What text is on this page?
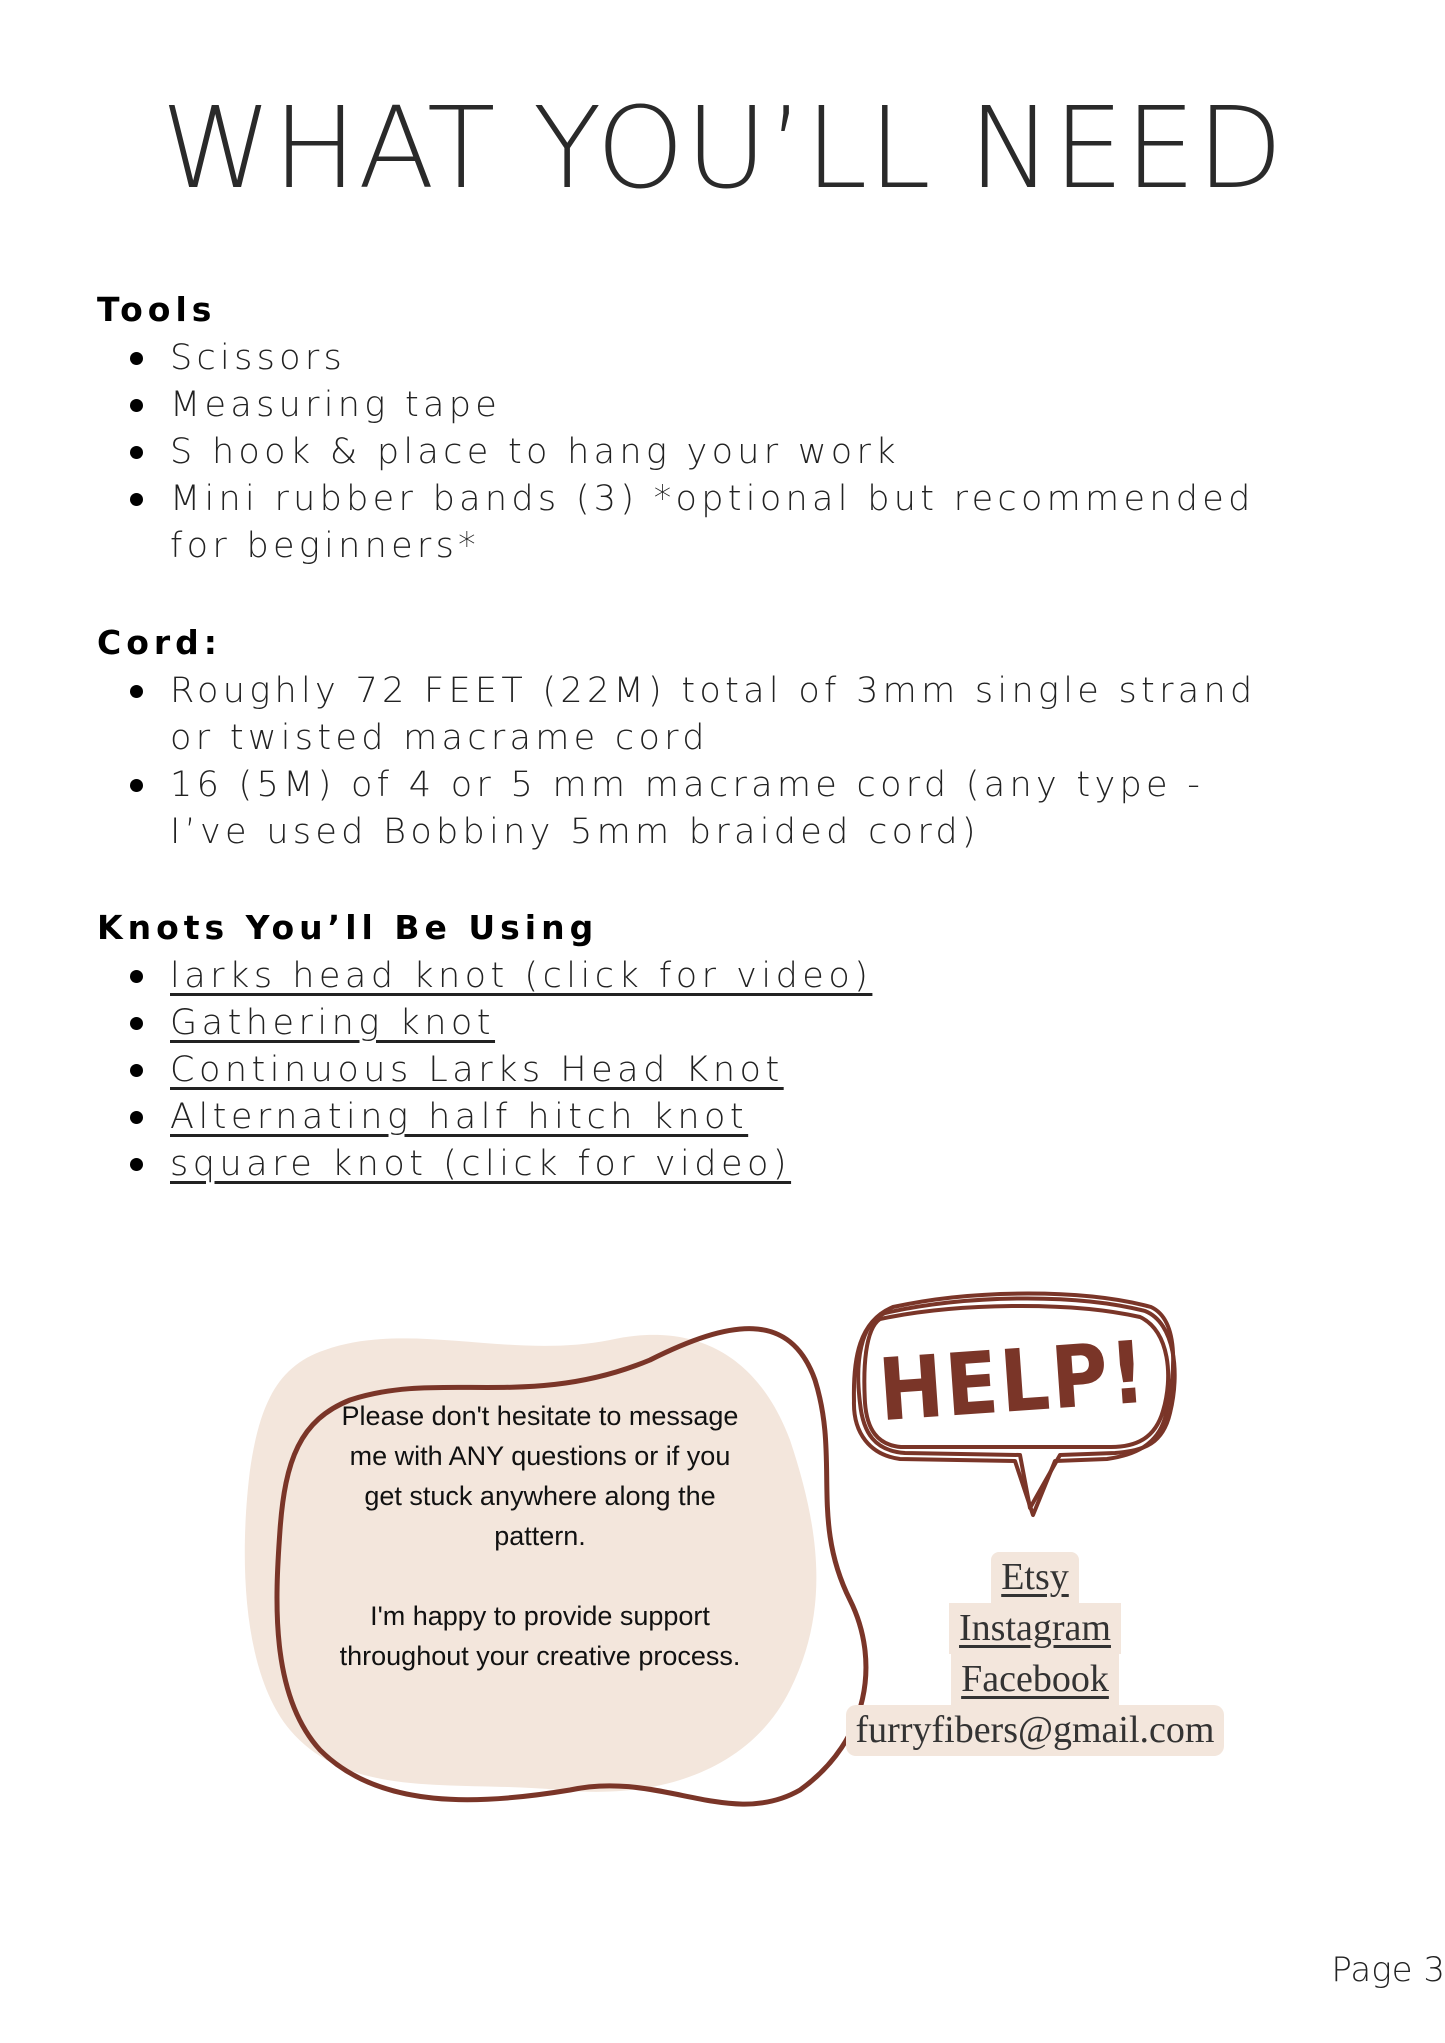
WHAT YOU’LL NEED
Tools
Scissors
Measuring tape
S hook & place to hang your work
Mini rubber bands (3) *optional but recommended for beginners*
Cord:
Roughly 72 FEET (22M) total of 3mm single strand or twisted macrame cord
16 (5M) of 4 or 5 mm macrame cord (any type - I’ve used Bobbiny 5mm braided cord)
Knots You’ll Be Using
larks head knot (click for video)
Gathering knot
Continuous Larks Head Knot
Alternating half hitch knot
square knot (click for video)

Please don't hesitate to message me with ANY questions or if you get stuck anywhere along the pattern.

I'm happy to provide support throughout your creative process.

HELP!
Etsy
Instagram
Facebook
furryfibers@gmail.com
Page 3
